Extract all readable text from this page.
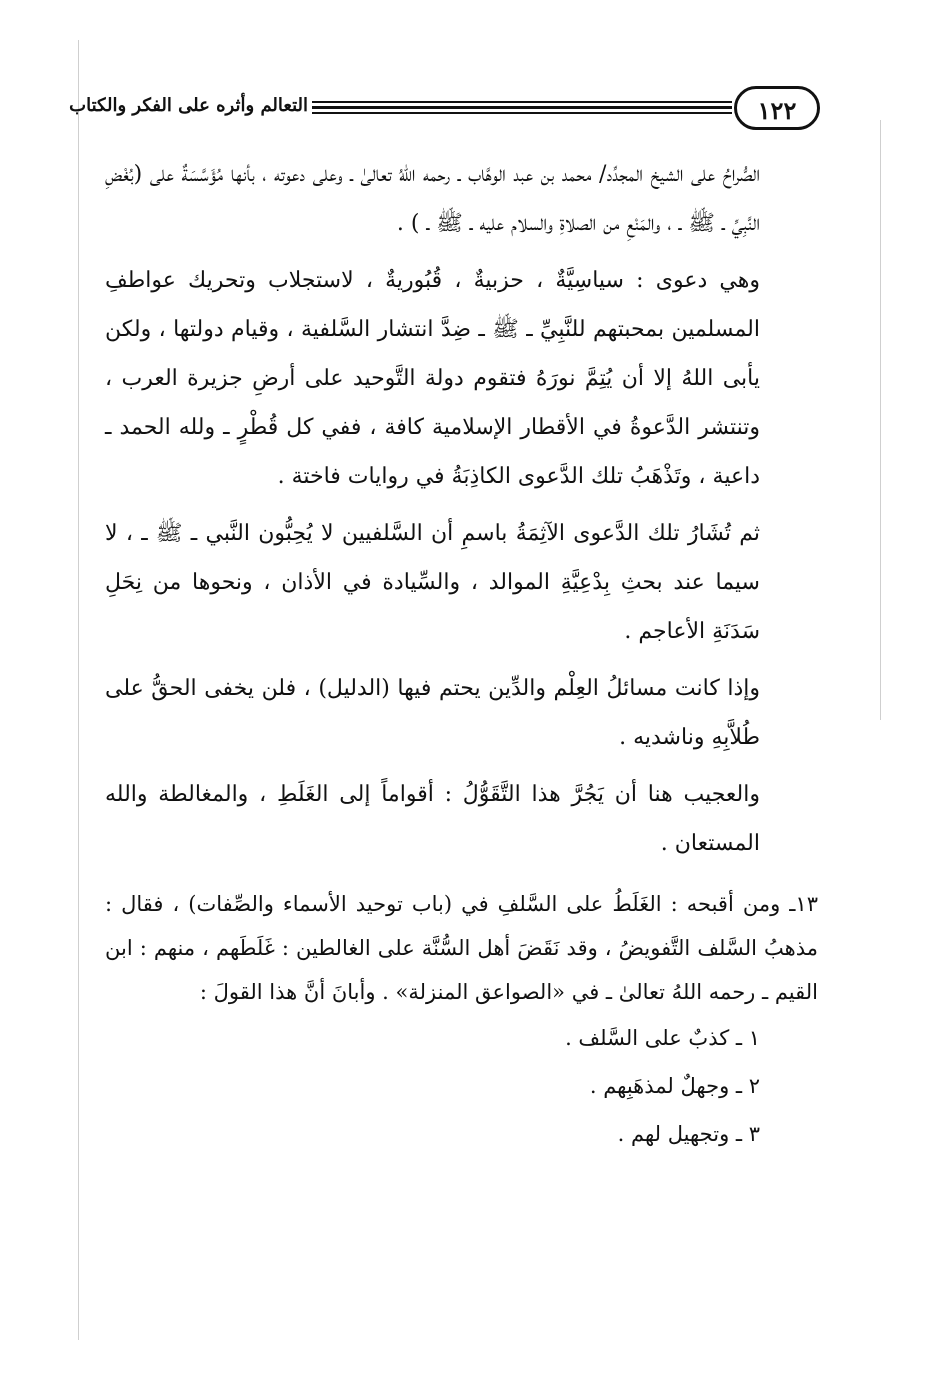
١٢٢
التعالم وأثره على الفكر والكتاب

الصُّراحُ على الشيخ المجدِّد/ محمد بن عبد الوهَّاب ـ رحمه اللهُ تعالىٰ ـ وعلى دعوته ، بأنها مُؤَسَّسَةٌ على (بُغْضِ النَّبِيِّ ـ ﷺ ـ ، والمَنْعِ من الصلاةِ والسلام عليه ـ ﷺ ـ ) .

وهي دعوى : سياسِيَّةٌ ، حزبيةٌ ، قُبُوريةٌ ، لاستجلاب وتحريك عواطفِ المسلمين بمحبتهم للنَّبِيِّ ـ ﷺ ـ ضِدَّ انتشار السَّلفية ، وقيام دولتها ، ولكن يأبى اللهُ إلا أن يُتِمَّ نورَهُ فتقوم دولة التَّوحيد على أرضِ جزيرة العرب ، وتنتشر الدَّعوةُ في الأقطار الإسلامية كافة ، ففي كل قُطْرٍ ـ ولله الحمد ـ داعية ، وتَذْهَبُ تلك الدَّعوى الكاذِبَةُ في روايات فاختة .

ثم تُشَارُ تلك الدَّعوى الآثِمَةُ باسمِ أن السَّلفيين لا يُحِبُّون النَّبي ـ ﷺ ـ ، لا سيما عند بحثِ بِدْعِيَّةِ الموالد ، والسِّيادة في الأذان ، ونحوها من نِحَلِ سَدَنَةِ الأعاجم .

وإذا كانت مسائلُ العِلْم والدِّين يحتم فيها (الدليل) ، فلن يخفى الحقُّ على طُلاَّبِهِ وناشديه .

والعجيب هنا أن يَجُرَّ هذا التَّقَوُّلُ : أقواماً إلى الغَلَطِ ، والمغالطة والله المستعان .

١٣ـ ومن أقبحه : الغَلَطُ على السَّلفِ في (باب توحيد الأسماء والصِّفات) ، فقال : مذهبُ السَّلف التَّفويضُ ، وقد نَقَضَ أهل السُّنَّة على الغالطين : غَلَطَهم ، منهم : ابن القيم ـ رحمه اللهُ تعالىٰ ـ في «الصواعق المنزلة» . وأبانَ أنَّ هذا القولَ :
١ ـ كذبٌ على السَّلف .
٢ ـ وجهلٌ لمذهَبِهم .
٣ ـ وتجهيل لهم .
